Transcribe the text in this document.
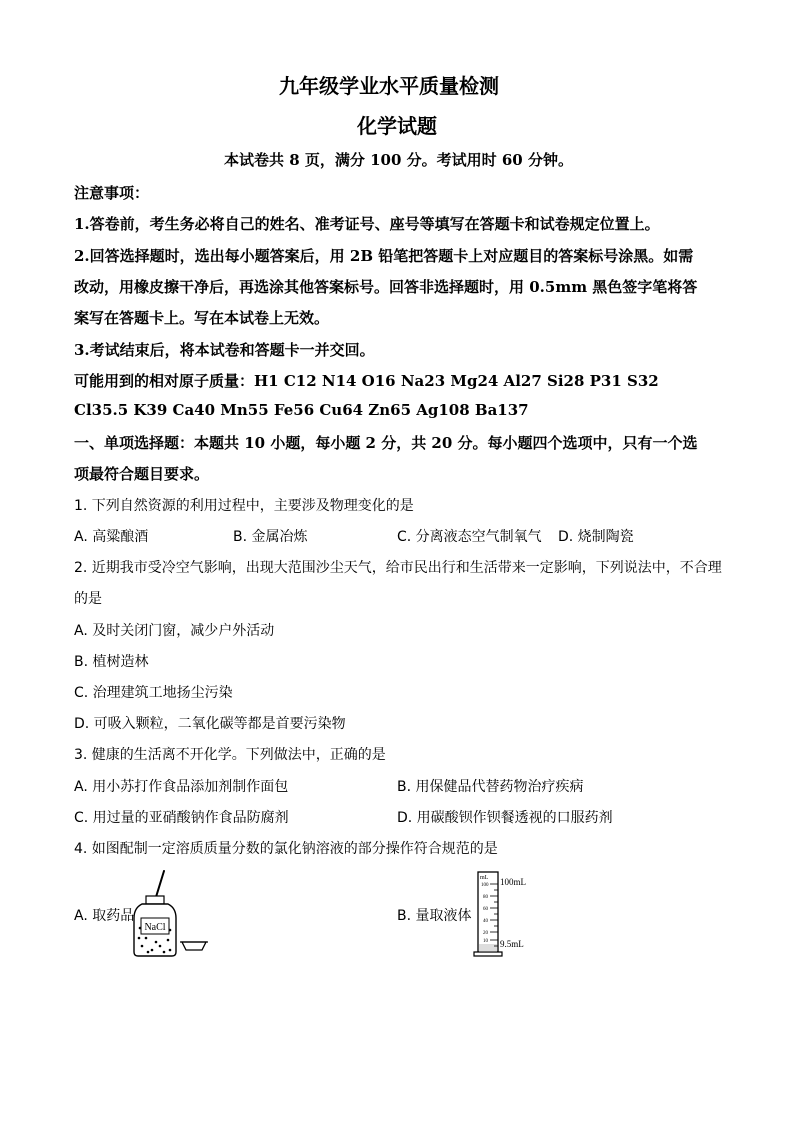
九年级学业水平质量检测
化学试题
本试卷共 8 页，满分 100 分。考试用时 60 分钟。
注意事项：
1.答卷前，考生务必将自己的姓名、准考证号、座号等填写在答题卡和试卷规定位置上。
2.回答选择题时，选出每小题答案后，用 2B 铅笔把答题卡上对应题目的答案标号涂黑。如需
改动，用橡皮擦干净后，再选涂其他答案标号。回答非选择题时，用 0.5mm 黑色签字笔将答
案写在答题卡上。写在本试卷上无效。
3.考试结束后，将本试卷和答题卡一并交回。
可能用到的相对原子质量：H1 C12 N14 O16 Na23 Mg24 Al27 Si28 P31 S32
Cl35.5 K39 Ca40 Mn55 Fe56 Cu64 Zn65 Ag108 Ba137
一、单项选择题：本题共 10 小题，每小题 2 分，共 20 分。每小题四个选项中，只有一个选
项最符合题目要求。
1. 下列自然资源的利用过程中，主要涉及物理变化的是
A. 高粱酿酒	B. 金属冶炼	C. 分离液态空气制氧气 D. 烧制陶瓷
2. 近期我市受冷空气影响，出现大范围沙尘天气，给市民出行和生活带来一定影响，下列说法中，不合理
的是
A. 及时关闭门窗，减少户外活动
B. 植树造林
C. 治理建筑工地扬尘污染
D. 可吸入颗粒，二氧化碳等都是首要污染物
3. 健康的生活离不开化学。下列做法中，正确的是
A. 用小苏打作食品添加剂制作面包	B. 用保健品代替药物治疗疾病
C. 用过量的亚硝酸钠作食品防腐剂	D. 用碳酸钡作钡餐透视的口服药剂
4. 如图配制一定溶质质量分数的氯化钠溶液的部分操作符合规范的是
A. 取药品	B. 量取液体
NaCl
mL
100
80
60
40
20
10
100mL
9.5mL
